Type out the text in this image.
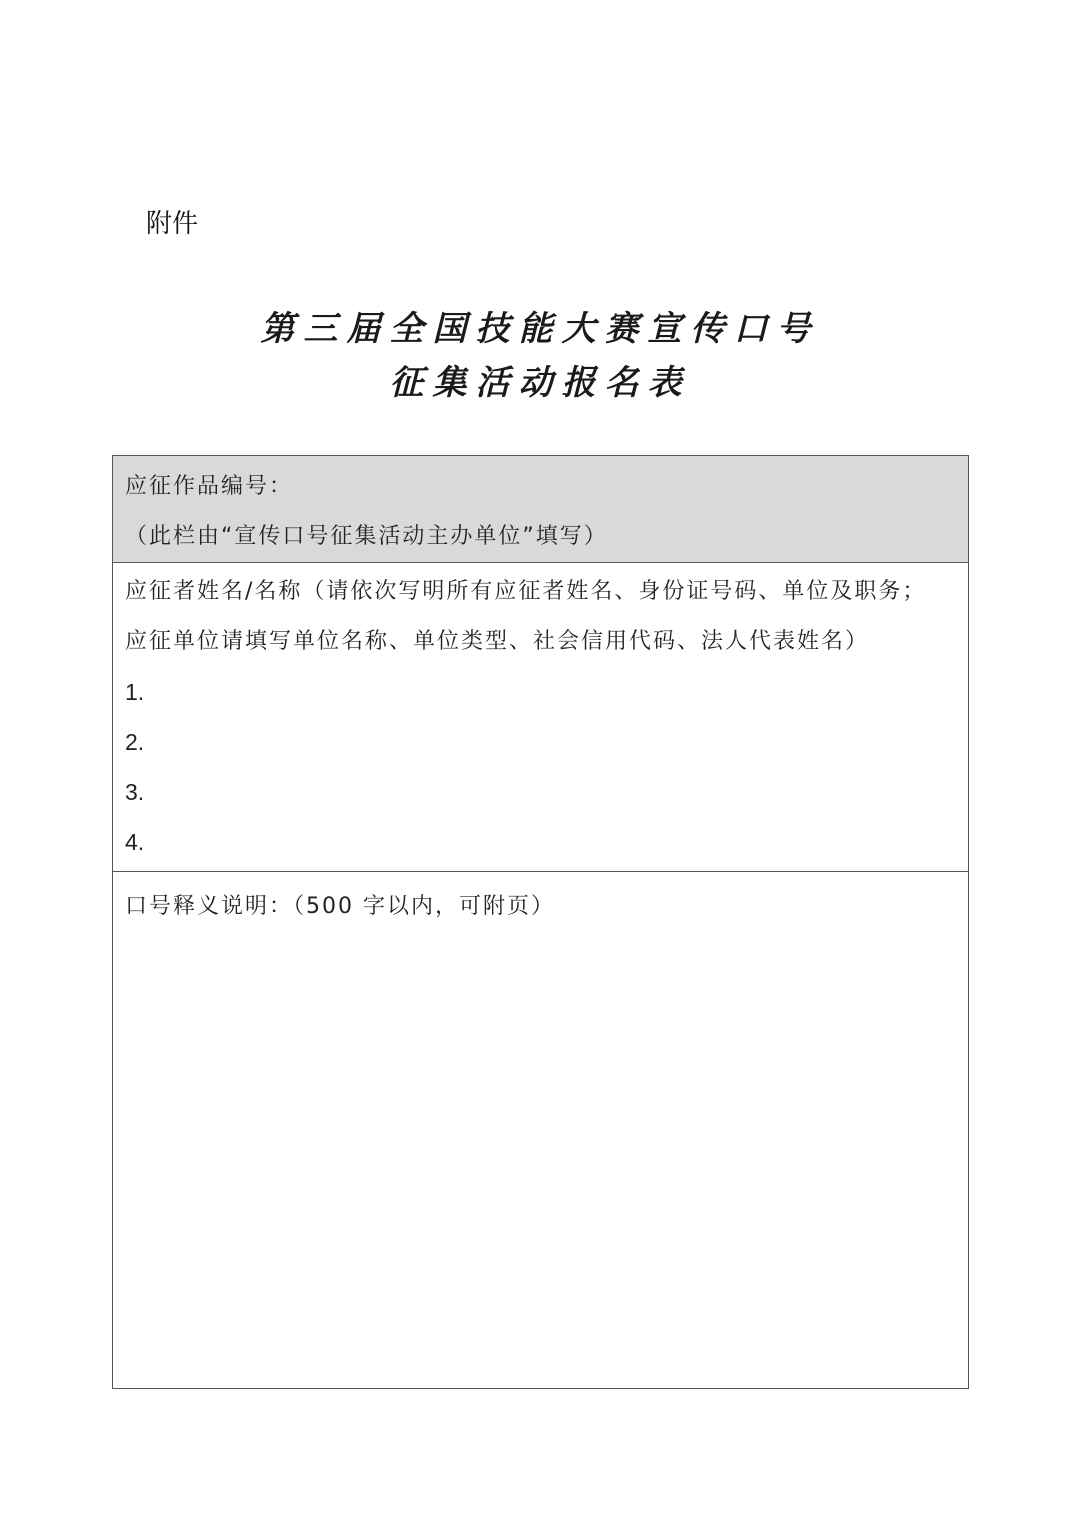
附件
第三届全国技能大赛宣传口号
征集活动报名表
应征作品编号：
（此栏由“宣传口号征集活动主办单位”填写）

应征者姓名/名称（请依次写明所有应征者姓名、身份证号码、单位及职务；
应征单位请填写单位名称、单位类型、社会信用代码、法人代表姓名）
1.
2.
3.
4.

口号释义说明：（500 字以内，可附页）
